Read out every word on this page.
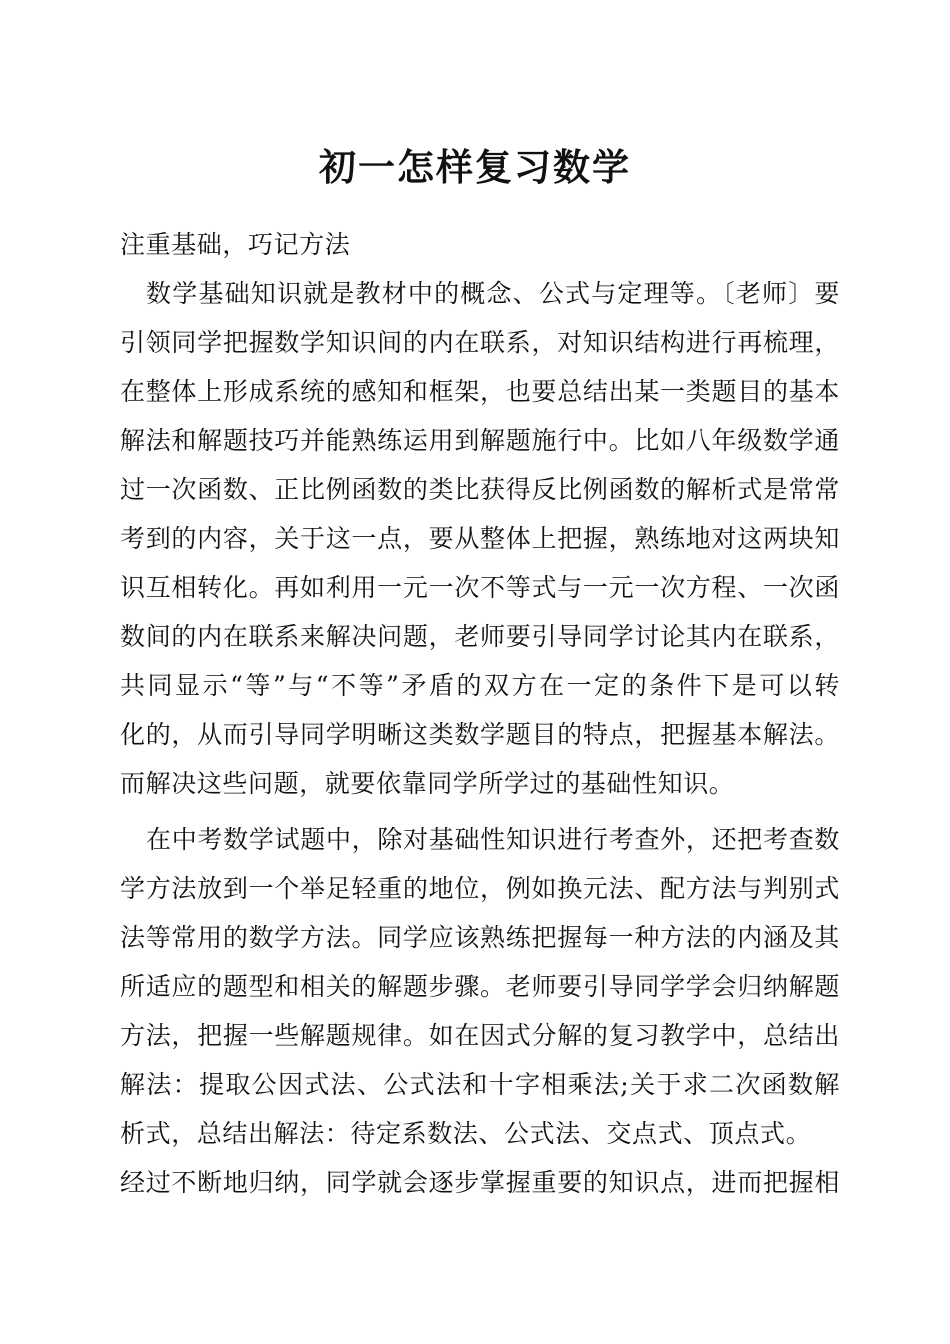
初一怎样复习数学
注重基础，巧记方法
数学基础知识就是教材中的概念、公式与定理等。〔老师〕要
引领同学把握数学知识间的内在联系，对知识结构进行再梳理，
在整体上形成系统的感知和框架，也要总结出某一类题目的基本
解法和解题技巧并能熟练运用到解题施行中。比如八年级数学通
过一次函数、正比例函数的类比获得反比例函数的解析式是常常
考到的内容，关于这一点，要从整体上把握，熟练地对这两块知
识互相转化。再如利用一元一次不等式与一元一次方程、一次函
数间的内在联系来解决问题，老师要引导同学讨论其内在联系，
共同显示“等”与“不等”矛盾的双方在一定的条件下是可以转
化的，从而引导同学明晰这类数学题目的特点，把握基本解法。
而解决这些问题，就要依靠同学所学过的基础性知识。
在中考数学试题中，除对基础性知识进行考查外，还把考查数
学方法放到一个举足轻重的地位，例如换元法、配方法与判别式
法等常用的数学方法。同学应该熟练把握每一种方法的内涵及其
所适应的题型和相关的解题步骤。老师要引导同学学会归纳解题
方法，把握一些解题规律。如在因式分解的复习教学中，总结出
解法：提取公因式法、公式法和十字相乘法;关于求二次函数解
析式，总结出解法：待定系数法、公式法、交点式、顶点式。
经过不断地归纳，同学就会逐步掌握重要的知识点，进而把握相
